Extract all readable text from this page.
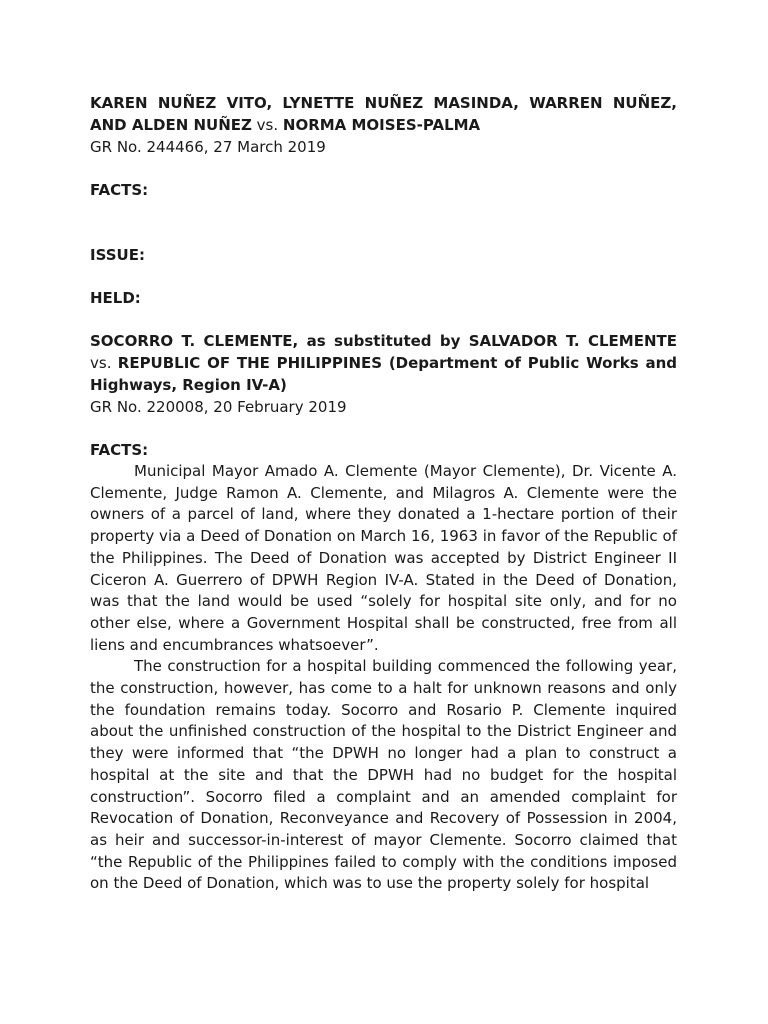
KAREN NUÑEZ VITO, LYNETTE NUÑEZ MASINDA, WARREN NUÑEZ, AND ALDEN NUÑEZ vs. NORMA MOISES-PALMA

GR No. 244466, 27 March 2019

FACTS:

ISSUE:

HELD:

SOCORRO T. CLEMENTE, as substituted by SALVADOR T. CLEMENTE vs. REPUBLIC OF THE PHILIPPINES (Department of Public Works and Highways, Region IV-A)

GR No. 220008, 20 February 2019

FACTS:

Municipal Mayor Amado A. Clemente (Mayor Clemente), Dr. Vicente A. Clemente, Judge Ramon A. Clemente, and Milagros A. Clemente were the owners of a parcel of land, where they donated a 1-hectare portion of their property via a Deed of Donation on March 16, 1963 in favor of the Republic of the Philippines. The Deed of Donation was accepted by District Engineer II Ciceron A. Guerrero of DPWH Region IV-A. Stated in the Deed of Donation, was that the land would be used “solely for hospital site only, and for no other else, where a Government Hospital shall be constructed, free from all liens and encumbrances whatsoever”.

The construction for a hospital building commenced the following year, the construction, however, has come to a halt for unknown reasons and only the foundation remains today. Socorro and Rosario P. Clemente inquired about the unfinished construction of the hospital to the District Engineer and they were informed that “the DPWH no longer had a plan to construct a hospital at the site and that the DPWH had no budget for the hospital construction”. Socorro filed a complaint and an amended complaint for Revocation of Donation, Reconveyance and Recovery of Possession in 2004, as heir and successor-in-interest of mayor Clemente. Socorro claimed that “the Republic of the Philippines failed to comply with the conditions imposed on the Deed of Donation, which was to use the property solely for hospital
